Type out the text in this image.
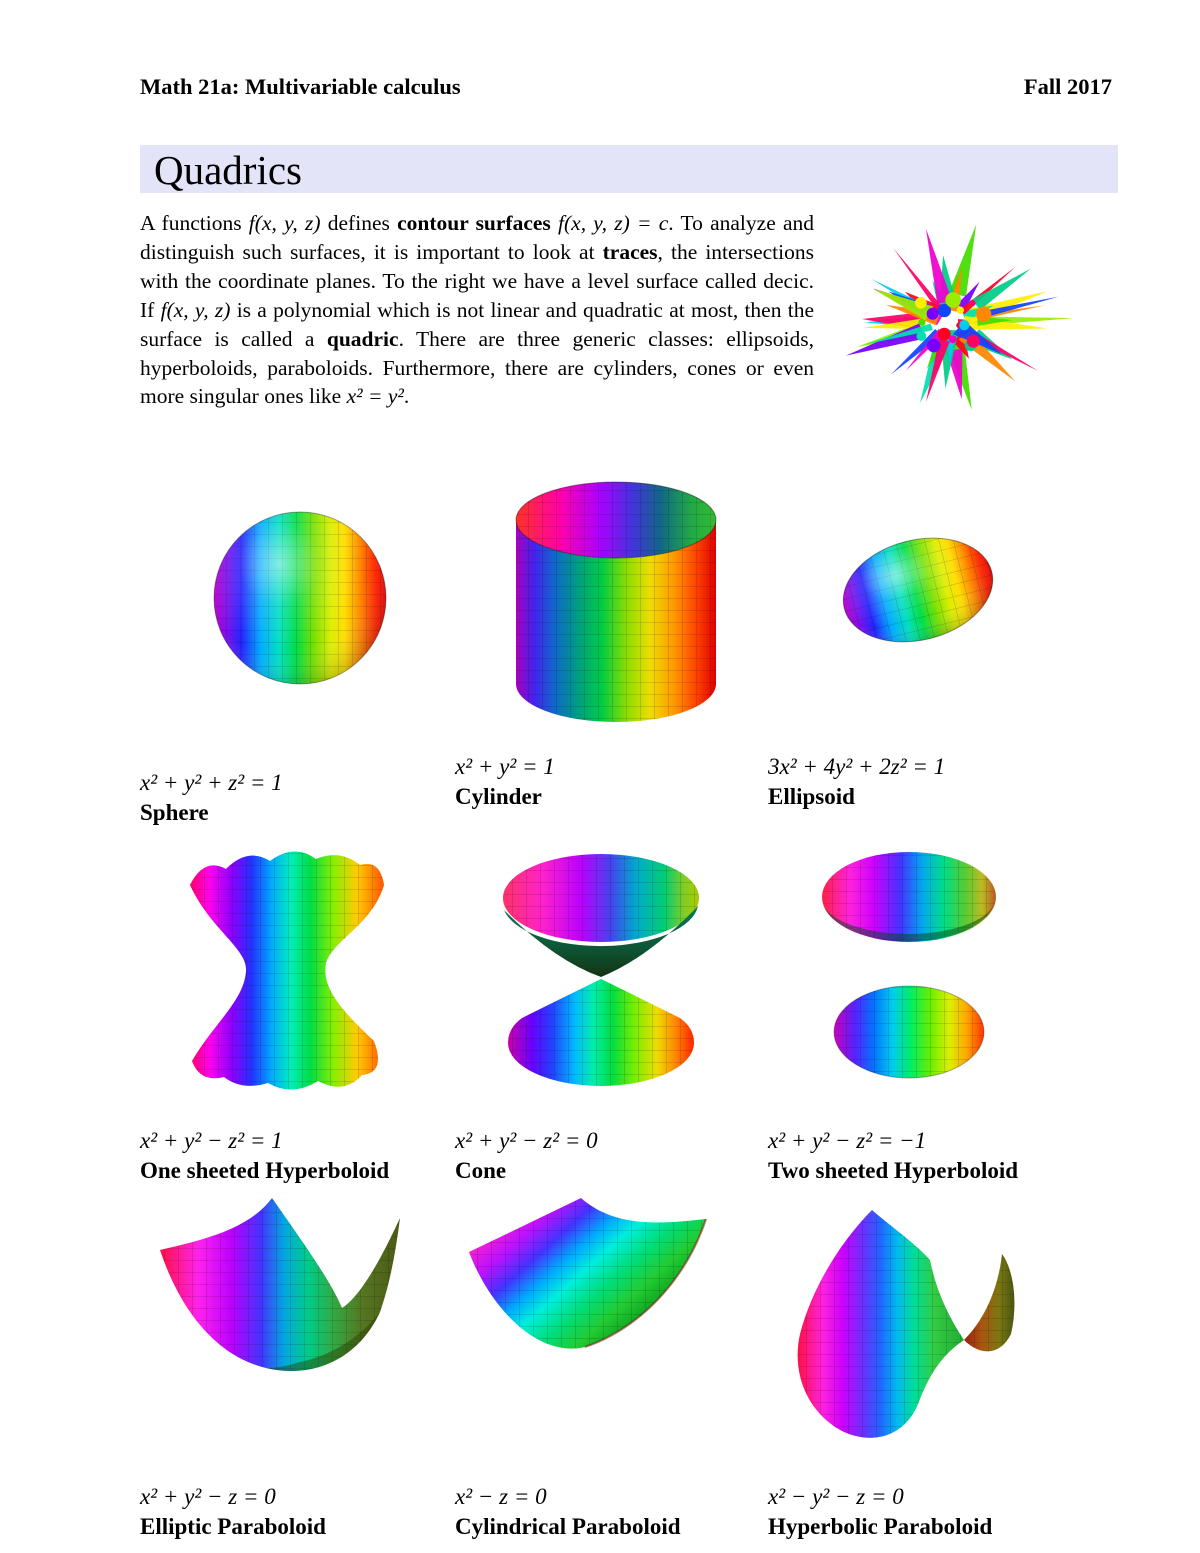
Math 21a: Multivariable calculus	Fall 2017
Quadrics
A functions f(x, y, z) defines contour surfaces f(x, y, z) = c. To analyze and distinguish such surfaces, it is important to look at traces, the intersections with the coordinate planes. To the right we have a level surface called decic. If f(x, y, z) is a polynomial which is not linear and quadratic at most, then the surface is called a quadric. There are three generic classes: ellipsoids, hyperboloids, paraboloids. Furthermore, there are cylinders, cones or even more singular ones like x² = y².
x² + y² + z² = 1
Sphere
x² + y² = 1
Cylinder
3x² + 4y² + 2z² = 1
Ellipsoid
x² + y² − z² = 1
One sheeted Hyperboloid
x² + y² − z² = 0
Cone
x² + y² − z² = −1
Two sheeted Hyperboloid
x² + y² − z = 0
Elliptic Paraboloid
x² − z = 0
Cylindrical Paraboloid
x² − y² − z = 0
Hyperbolic Paraboloid
